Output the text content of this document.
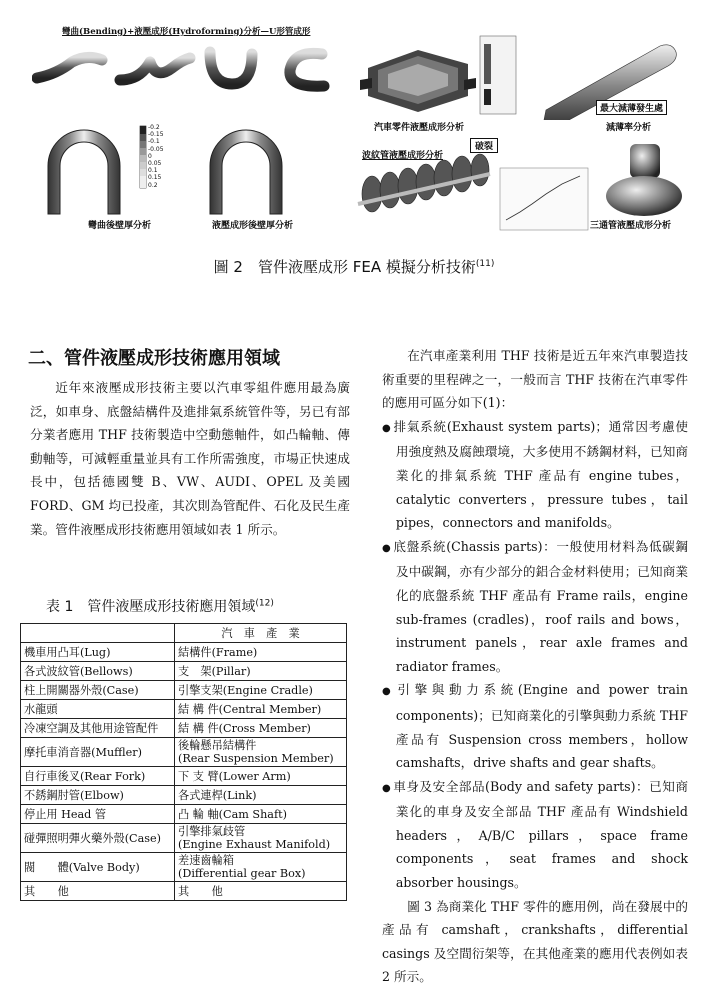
彎曲(Bending)+液壓成形(Hydroforming)分析—U形管成形
-0.2
-0.15
-0.1
-0.05
0
0.05
0.1
0.15
0.2
彎曲後壁厚分析	液壓成形後壁厚分析
汽車零件液壓成形分析
最大減薄發生處
減薄率分析
波紋管液壓成形分析
破裂
三通管液壓成形分析
圖 2　管件液壓成形 FEA 模擬分析技術$^{(11)}$
二、管件液壓成形技術應用領域

近年來液壓成形技術主要以汽車零組件應用最為廣泛，如車身、底盤結構件及進排氣系統管件等，另已有部分業者應用 THF 技術製造中空動態軸件，如凸輪軸、傳動軸等，可減輕重量並具有工作所需強度，市場正快速成長中，包括德國雙 B、VW、AUDI、OPEL 及美國 FORD、GM 均已投產，其次則為管配件、石化及民生產業。管件液壓成形技術應用領域如表 1 所示。

表 1　管件液壓成形技術應用領域$^{(12)}$
	汽　車　產　業
機車用凸耳(Lug)	結構件(Frame)
各式波紋管(Bellows)	支　架(Pillar)
柱上開關器外殼(Case)	引擎支架(Engine Cradle)
水龍頭	結 構 件(Central Member)
冷凍空調及其他用途管配件	結 構 件(Cross Member)
摩托車消音器(Muffler)	後輪懸吊結構件
(Rear Suspension Member)
自行車後叉(Rear Fork)	下 支 臂(Lower Arm)
不銹鋼肘管(Elbow)	各式連桿(Link)
停止用 Head 管	凸 輪 軸(Cam Shaft)
碰彈照明彈火藥外殼(Case)	引擎排氣歧管
(Engine Exhaust Manifold)
閥　　體(Valve Body)	差速齒輪箱
(Differential gear Box)
其　　他	其　　他

在汽車產業利用 THF 技術是近五年來汽車製造技術重要的里程碑之一，一般而言 THF 技術在汽車零件的應用可區分如下(1)：

● 排氣系統(Exhaust system parts)；通常因考慮使用強度熱及腐蝕環境，大多使用不銹鋼材料，已知商業化的排氣系統 THF 產品有 engine tubes，catalytic converters，pressure tubes，tail pipes，connectors and manifolds。
● 底盤系統(Chassis parts)：一般使用材料為低碳鋼及中碳鋼，亦有少部分的鋁合金材料使用；已知商業化的底盤系統 THF 產品有 Frame rails，engine sub-frames (cradles)，roof rails and bows，instrument panels，rear axle frames and radiator frames。
● 引擎與動力系統(Engine and power train components)；已知商業化的引擎與動力系統 THF 產品有 Suspension cross members，hollow camshafts，drive shafts and gear shafts。
● 車身及安全部品(Body and safety parts)：已知商業化的車身及安全部品 THF 產品有 Windshield headers，A/B/C pillars，space frame components，seat frames and shock absorber housings。

圖 3 為商業化 THF 零件的應用例，尚在發展中的產品有 camshaft，crankshafts，differential casings 及空間衍架等，在其他產業的應用代表例如表 2 所示。
